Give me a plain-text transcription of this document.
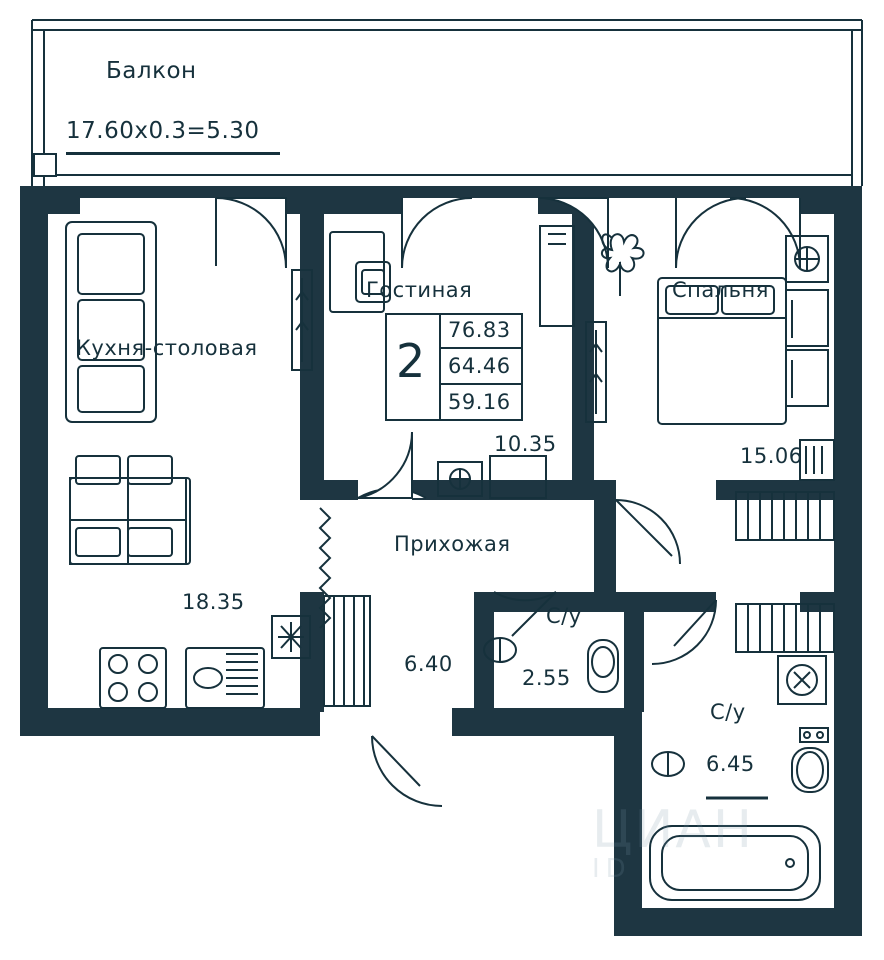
Балкон
17.60x0.3=5.30
Кухня-столовая
18.35
Гостиная
10.35
Спальня
15.06
Прихожая
6.40
С/у
2.55
С/у
6.45
2
76.83
64.46
59.16
ЦИАН
ID
